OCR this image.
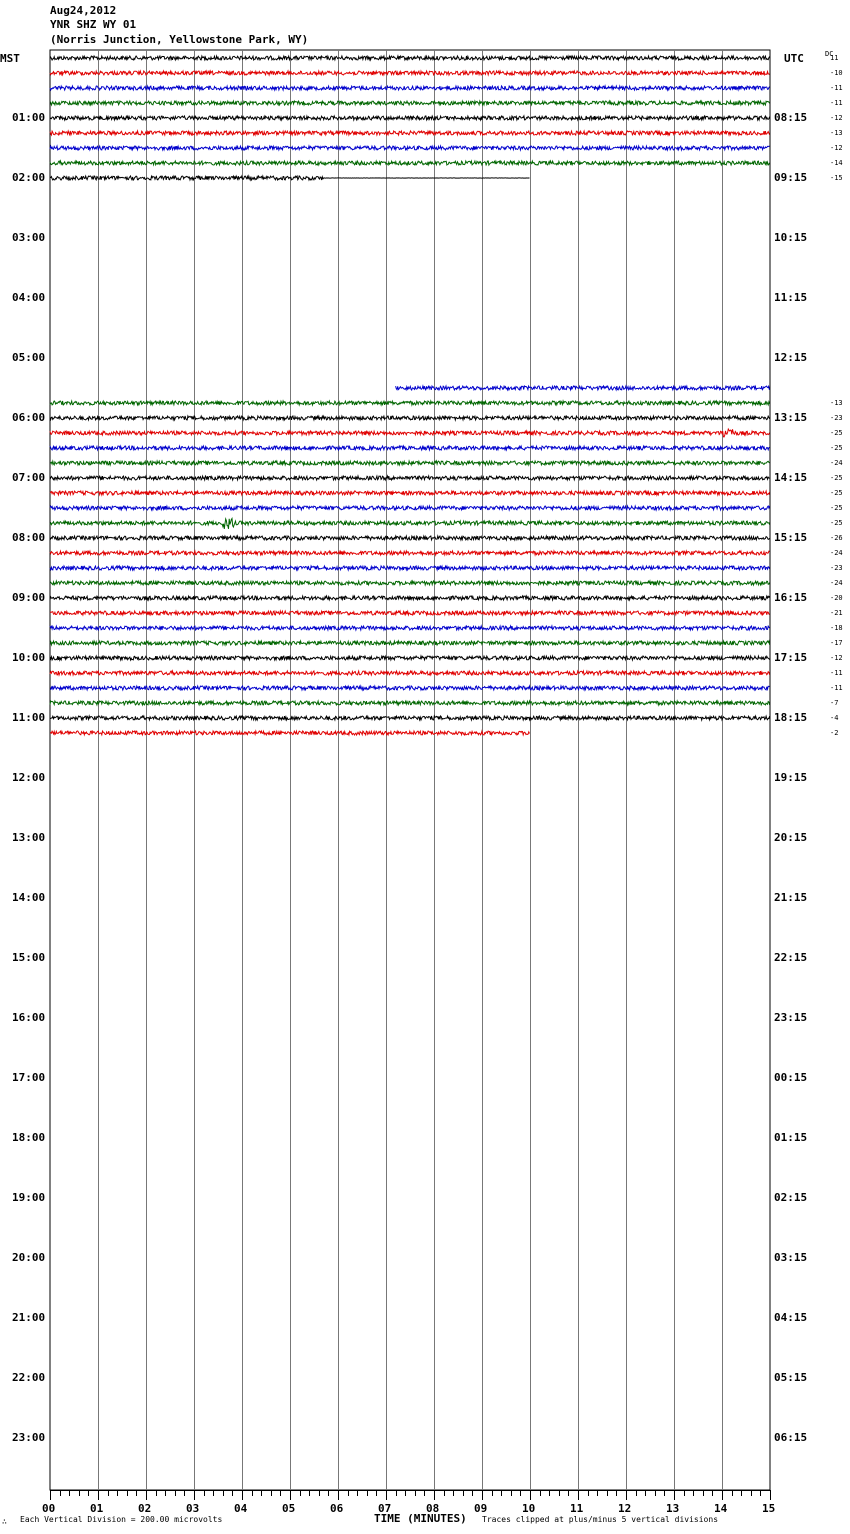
Aug24,2012
YNR SHZ WY 01
(Norris Junction, Yellowstone Park, WY)
MST	UTC	DC
00	01	02	03	04	05	06	07	08	09	10	11	12	13	14	15
01:00
02:00
03:00
04:00
05:00
06:00
07:00
08:00
09:00
10:00
11:00
12:00
13:00
14:00
15:00
16:00
17:00
18:00
19:00
20:00
21:00
22:00
23:00
08:15
09:15
10:15
11:15
12:15
13:15
14:15
15:15
16:15
17:15
18:15
19:15
20:15
21:15
22:15
23:15
00:15
01:15
02:15
03:15
04:15
05:15
06:15
11
-10
-11
-11
-12
-13
-12
-14
-15
-13
-23
-25
-25
-24
-25
-25
-25
-25
-26
-24
-23
-24
-20
-21
-18
-17
-12
-11
-11
-7
-4
-2
TIME (MINUTES)
∴ Each Vertical Division = 200.00 microvolts	Traces clipped at plus/minus 5 vertical divisions
